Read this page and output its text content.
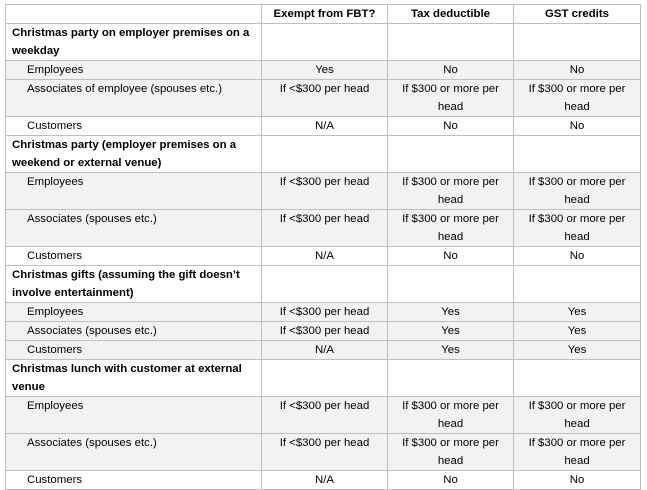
	Exempt from FBT?	Tax deductible	GST credits
Christmas party on employer premises on a weekday			
Employees	Yes	No	No
Associates of employee (spouses etc.)	If <$300 per head	If $300 or more per head	If $300 or more per head
Customers	N/A	No	No
Christmas party (employer premises on a weekend or external venue)			
Employees	If <$300 per head	If $300 or more per head	If $300 or more per head
Associates (spouses etc.)	If <$300 per head	If $300 or more per head	If $300 or more per head
Customers	N/A	No	No
Christmas gifts (assuming the gift doesn’t involve entertainment)			
Employees	If <$300 per head	Yes	Yes
Associates (spouses etc.)	If <$300 per head	Yes	Yes
Customers	N/A	Yes	Yes
Christmas lunch with customer at external venue			
Employees	If <$300 per head	If $300 or more per head	If $300 or more per head
Associates (spouses etc.)	If <$300 per head	If $300 or more per head	If $300 or more per head
Customers	N/A	No	No
